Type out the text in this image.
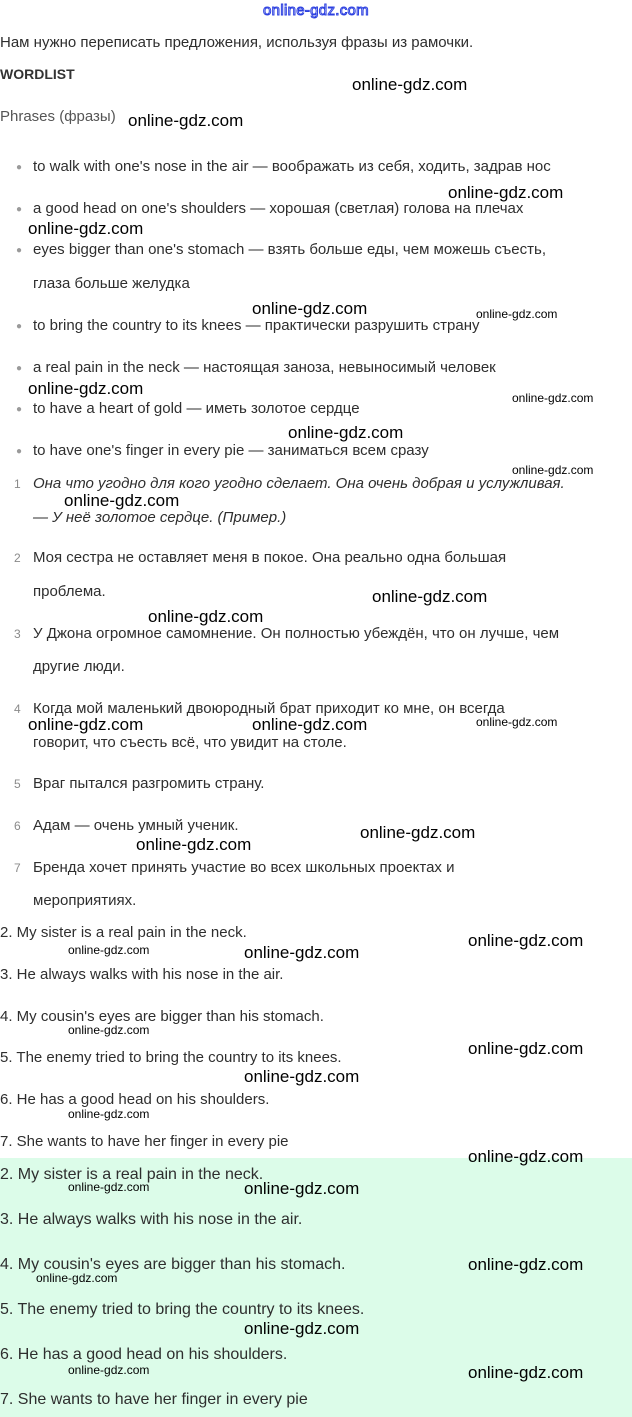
online-gdz.com
Нам нужно переписать предложения, используя фразы из рамочки.
WORDLIST
Phrases (фразы)
● to walk with one's nose in the air — воображать из себя, ходить, задрав нос
● a good head on one's shoulders — хорошая (светлая) голова на плечах
● eyes bigger than one's stomach — взять больше еды, чем можешь съесть,
глаза больше желудка
● to bring the country to its knees — практически разрушить страну
● a real pain in the neck — настоящая заноза, невыносимый человек
● to have a heart of gold — иметь золотое сердце
● to have one's finger in every pie — заниматься всем сразу
1 Она что угодно для кого угодно сделает. Она очень добрая и услужливая.
— У неё золотое сердце. (Пример.)
2 Моя сестра не оставляет меня в покое. Она реально одна большая
проблема.
3 У Джона огромное самомнение. Он полностью убеждён, что он лучше, чем
другие люди.
4 Когда мой маленький двоюродный брат приходит ко мне, он всегда
говорит, что съесть всё, что увидит на столе.
5 Враг пытался разгромить страну.
6 Адам — очень умный ученик.
7 Бренда хочет принять участие во всех школьных проектах и
мероприятиях.
2. My sister is a real pain in the neck.
3. He always walks with his nose in the air.
4. My cousin's eyes are bigger than his stomach.
5. The enemy tried to bring the country to its knees.
6. He has a good head on his shoulders.
7. She wants to have her finger in every pie
2. My sister is a real pain in the neck.
3. He always walks with his nose in the air.
4. My cousin's eyes are bigger than his stomach.
5. The enemy tried to bring the country to its knees.
6. He has a good head on his shoulders.
7. She wants to have her finger in every pie
online-gdz.com
online-gdz.com
online-gdz.com
online-gdz.com
online-gdz.com	online-gdz.com
online-gdz.com	online-gdz.com
online-gdz.com
online-gdz.com
online-gdz.com
online-gdz.com
online-gdz.com
online-gdz.com	online-gdz.com	online-gdz.com
online-gdz.com
online-gdz.com
online-gdz.com
online-gdz.com	online-gdz.com
online-gdz.com
online-gdz.com
online-gdz.com
online-gdz.com
online-gdz.com
online-gdz.com	online-gdz.com
online-gdz.com
online-gdz.com
online-gdz.com
online-gdz.com	online-gdz.com
